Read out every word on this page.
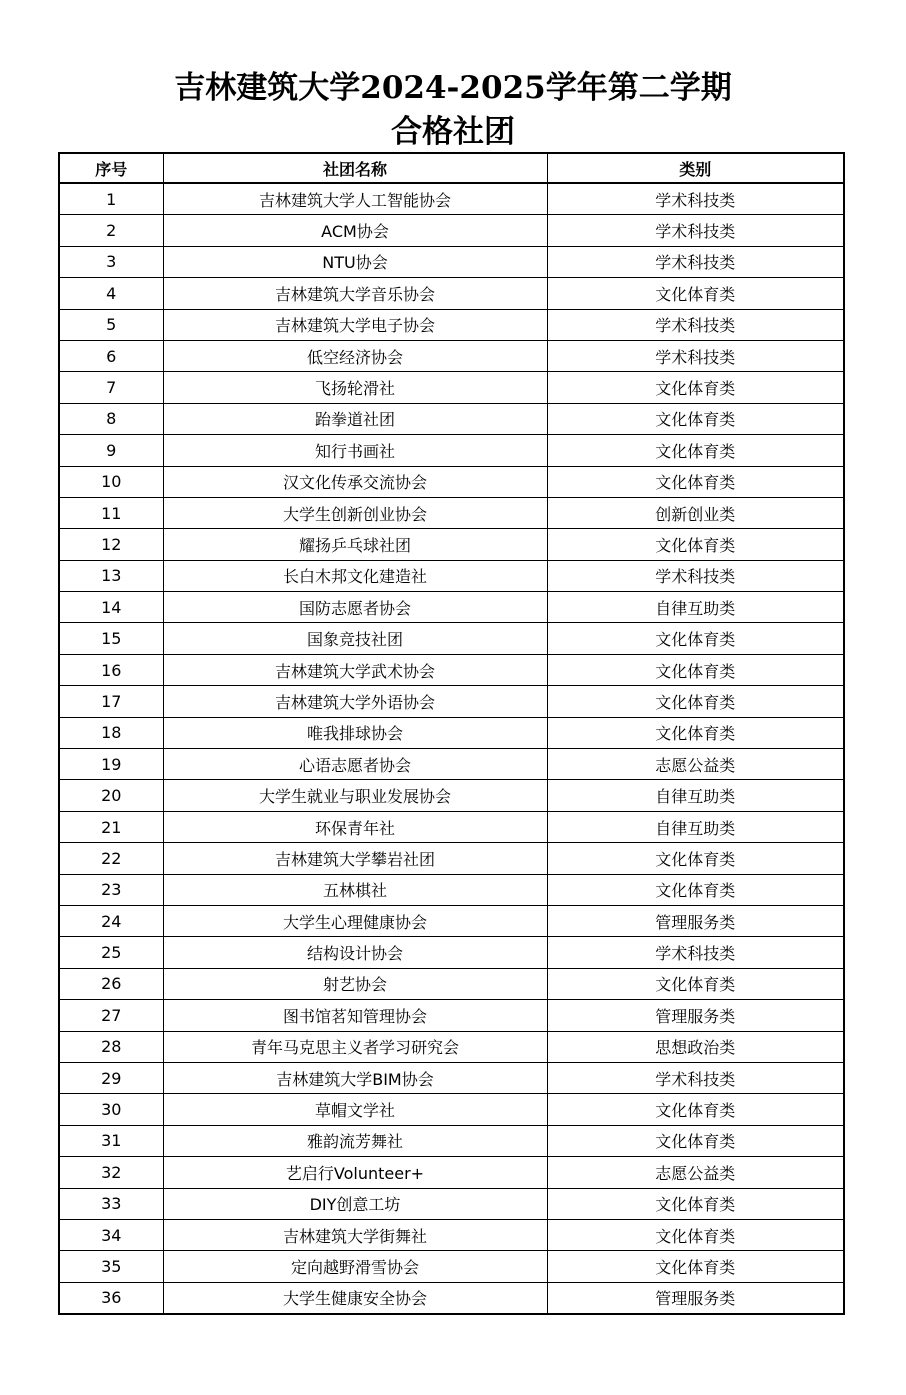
吉林建筑大学2024-2025学年第二学期
合格社团
序号	社团名称	类别
1	吉林建筑大学人工智能协会	学术科技类
2	ACM协会	学术科技类
3	NTU协会	学术科技类
4	吉林建筑大学音乐协会	文化体育类
5	吉林建筑大学电子协会	学术科技类
6	低空经济协会	学术科技类
7	飞扬轮滑社	文化体育类
8	跆拳道社团	文化体育类
9	知行书画社	文化体育类
10	汉文化传承交流协会	文化体育类
11	大学生创新创业协会	创新创业类
12	耀扬乒乓球社团	文化体育类
13	长白木邦文化建造社	学术科技类
14	国防志愿者协会	自律互助类
15	国象竞技社团	文化体育类
16	吉林建筑大学武术协会	文化体育类
17	吉林建筑大学外语协会	文化体育类
18	唯我排球协会	文化体育类
19	心语志愿者协会	志愿公益类
20	大学生就业与职业发展协会	自律互助类
21	环保青年社	自律互助类
22	吉林建筑大学攀岩社团	文化体育类
23	五林棋社	文化体育类
24	大学生心理健康协会	管理服务类
25	结构设计协会	学术科技类
26	射艺协会	文化体育类
27	图书馆茗知管理协会	管理服务类
28	青年马克思主义者学习研究会	思想政治类
29	吉林建筑大学BIM协会	学术科技类
30	草帽文学社	文化体育类
31	雅韵流芳舞社	文化体育类
32	艺启行Volunteer+	志愿公益类
33	DIY创意工坊	文化体育类
34	吉林建筑大学街舞社	文化体育类
35	定向越野滑雪协会	文化体育类
36	大学生健康安全协会	管理服务类
